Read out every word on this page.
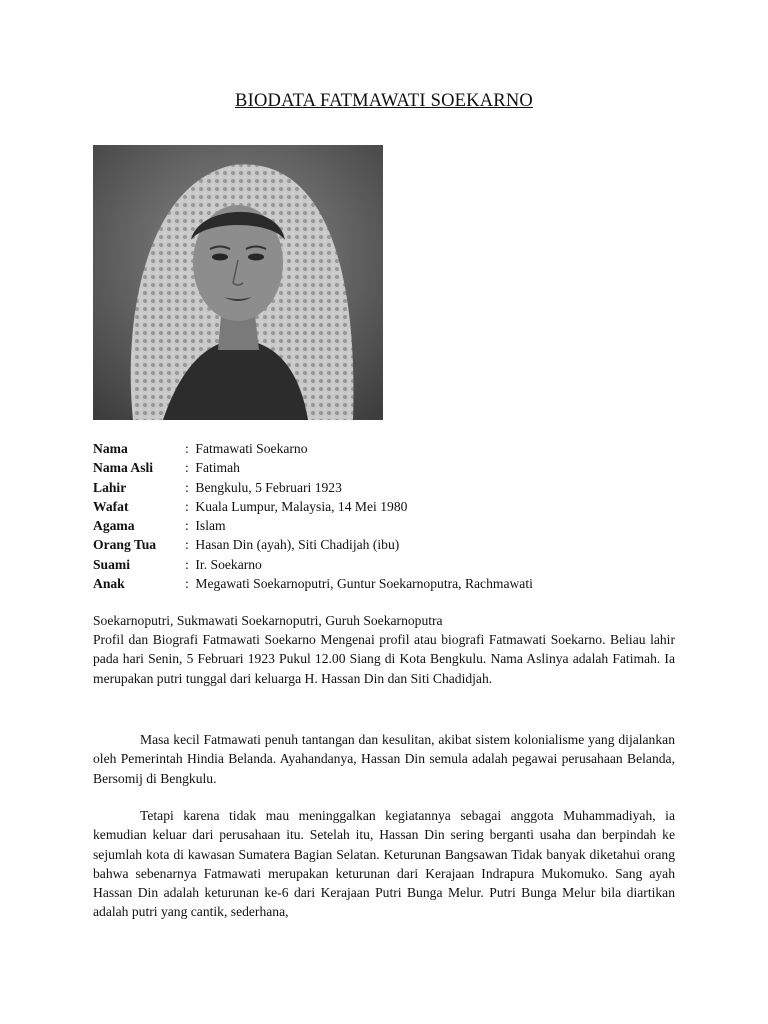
BIODATA FATMAWATI SOEKARNO
Nama	: Fatmawati Soekarno
Nama Asli : Fatimah
Lahir	: Bengkulu, 5 Februari 1923
Wafat	: Kuala Lumpur, Malaysia, 14 Mei 1980
Agama	: Islam
Orang Tua : Hasan Din (ayah), Siti Chadijah (ibu)
Suami	: Ir. Soekarno
Anak	: Megawati Soekarnoputri, Guntur Soekarnoputra, Rachmawati
Soekarnoputri, Sukmawati Soekarnoputri, Guruh Soekarnoputra

Profil dan Biografi Fatmawati Soekarno Mengenai profil atau biografi Fatmawati Soekarno. Beliau lahir pada hari Senin, 5 Februari 1923 Pukul 12.00 Siang di Kota Bengkulu. Nama Aslinya adalah Fatimah. Ia merupakan putri tunggal dari keluarga H. Hassan Din dan Siti Chadidjah.

Masa kecil Fatmawati penuh tantangan dan kesulitan, akibat sistem kolonialisme yang dijalankan oleh Pemerintah Hindia Belanda. Ayahandanya, Hassan Din semula adalah pegawai perusahaan Belanda, Bersomij di Bengkulu.

Tetapi karena tidak mau meninggalkan kegiatannya sebagai anggota Muhammadiyah, ia kemudian keluar dari perusahaan itu. Setelah itu, Hassan Din sering berganti usaha dan berpindah ke sejumlah kota di kawasan Sumatera Bagian Selatan. Keturunan Bangsawan Tidak banyak diketahui orang bahwa sebenarnya Fatmawati merupakan keturunan dari Kerajaan Indrapura Mukomuko. Sang ayah Hassan Din adalah keturunan ke-6 dari Kerajaan Putri Bunga Melur. Putri Bunga Melur bila diartikan adalah putri yang cantik, sederhana,
